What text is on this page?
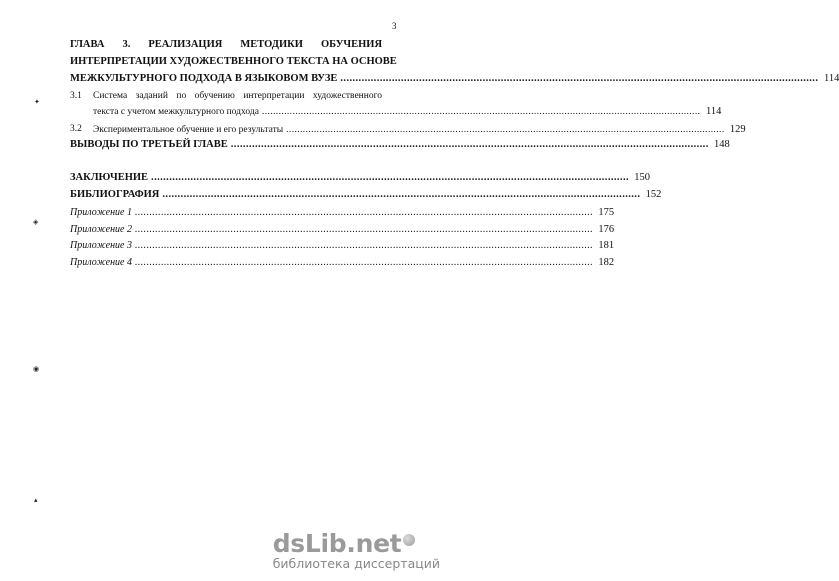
3
✦
◈
◉
▴
ГЛАВА 3. РЕАЛИЗАЦИЯ МЕТОДИКИ ОБУЧЕНИЯ
ИНТЕРПРЕТАЦИИ ХУДОЖЕСТВЕННОГО ТЕКСТА НА ОСНОВЕ
МЕЖКУЛЬТУРНОГО ПОДХОДА В ЯЗЫКОВОМ ВУЗЕ .............................................................................................................................................................. 114
3.1 Система заданий по обучению интерпретации художественного
текста с учетом межкультурного подхода .............................................................................................................................................................. 114
3.2 Экспериментальное обучение и его результаты .............................................................................................................................................................. 129
ВЫВОДЫ ПО ТРЕТЬЕЙ ГЛАВЕ .............................................................................................................................................................. 148
ЗАКЛЮЧЕНИЕ .............................................................................................................................................................. 150
БИБЛИОГРАФИЯ .............................................................................................................................................................. 152
Приложение 1 .............................................................................................................................................................. 175
Приложение 2 .............................................................................................................................................................. 176
Приложение 3 .............................................................................................................................................................. 181
Приложение 4 .............................................................................................................................................................. 182
dsLib .net
библиотека диссертаций
